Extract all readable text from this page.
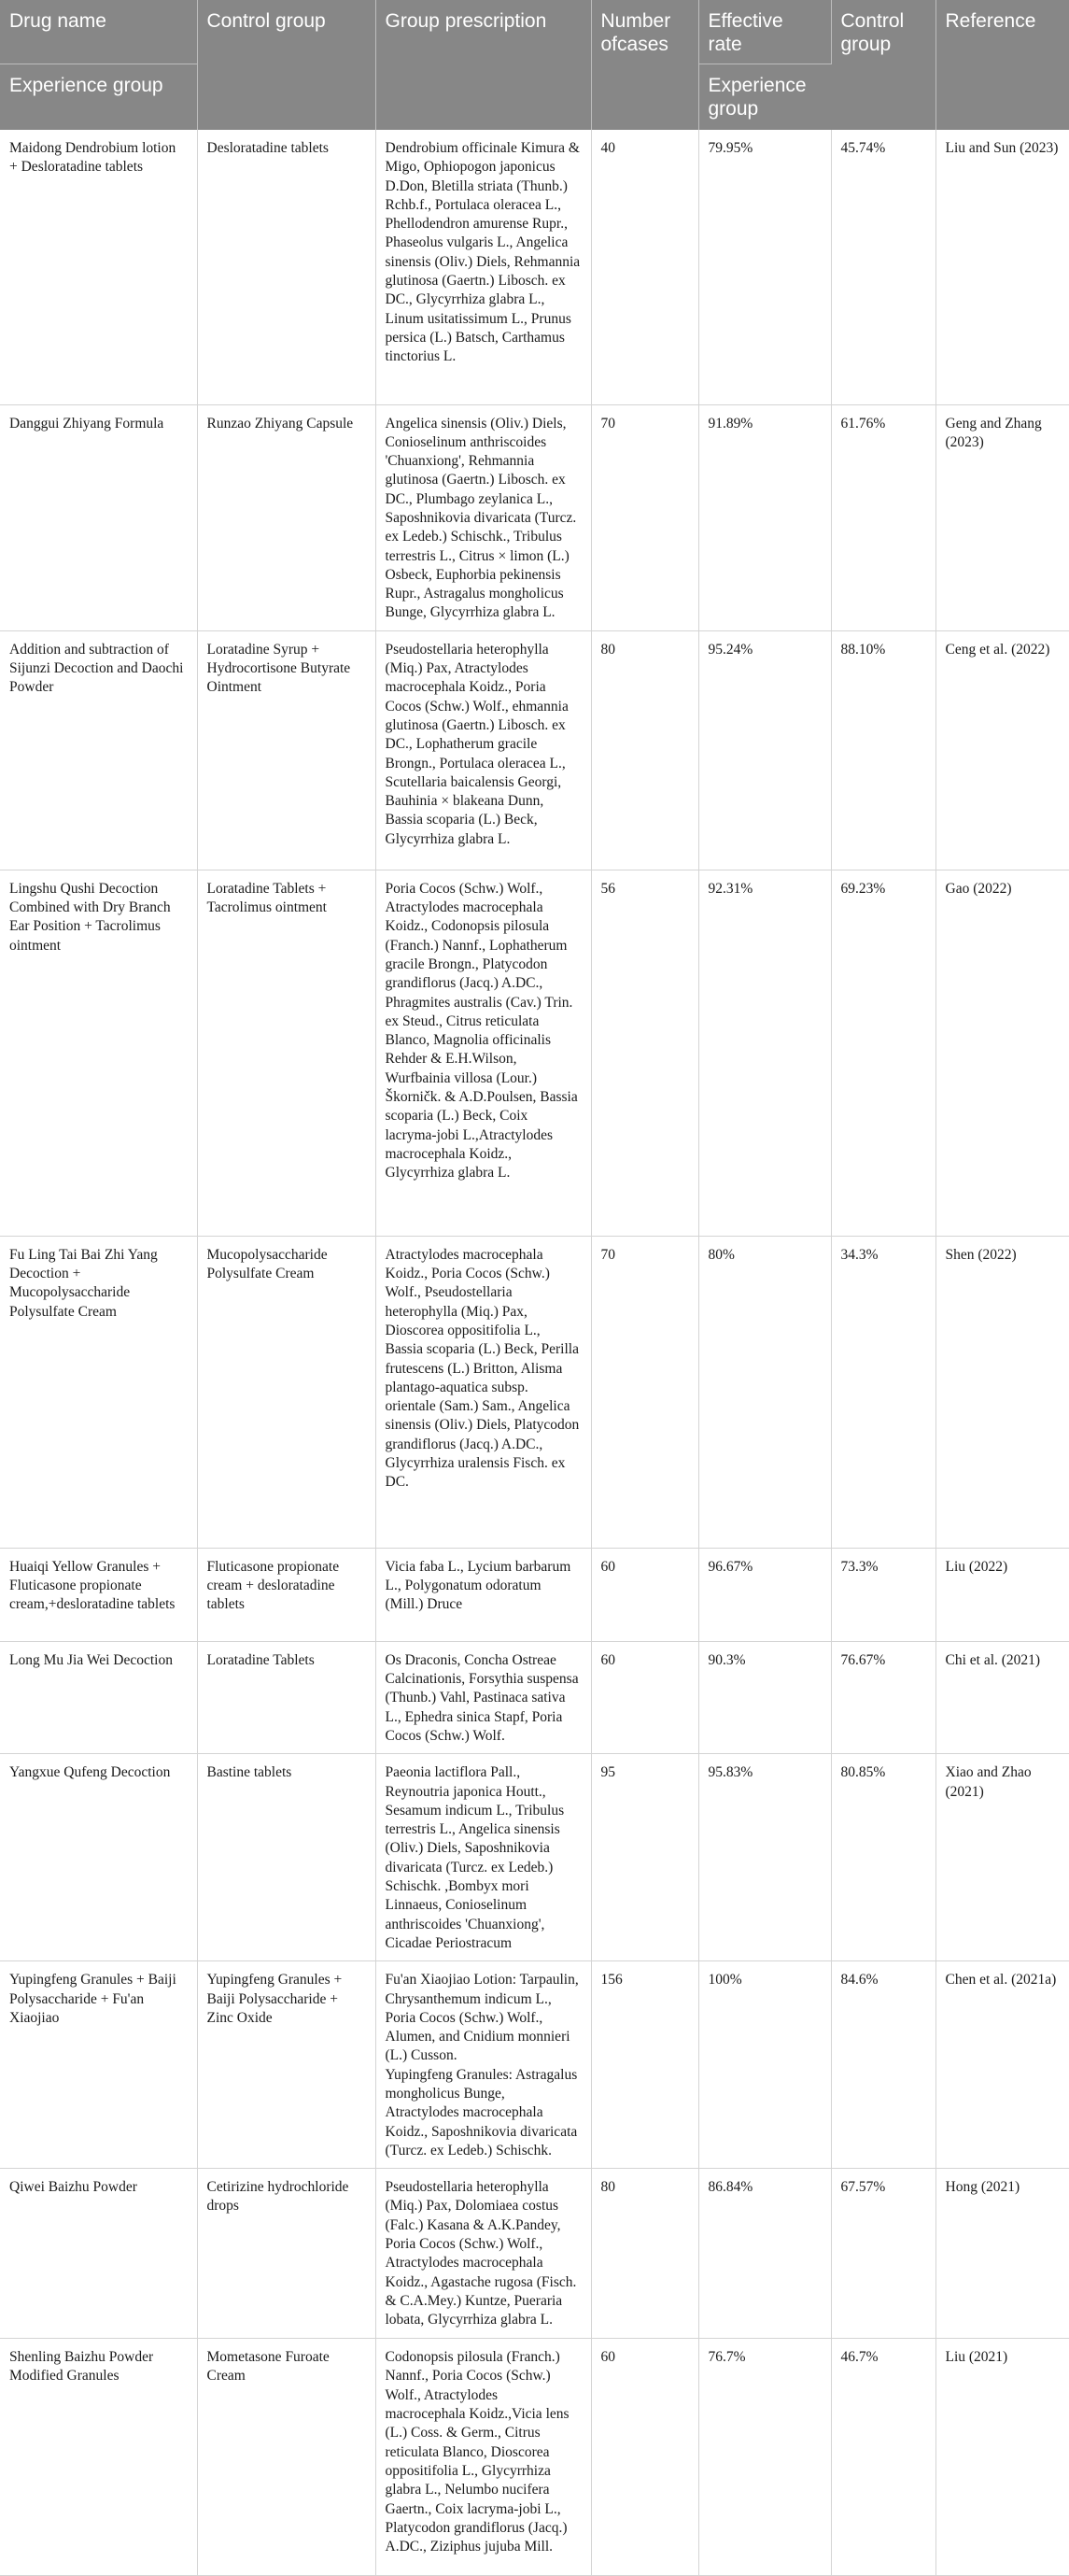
Drug name	Control group	Group prescription	Number ofcases	Effective rate	Control group	Reference
Experience group				Experience group		
Maidong Dendrobium lotion + Desloratadine tablets	Desloratadine tablets	Dendrobium officinale Kimura & Migo, Ophiopogon japonicus D.Don, Bletilla striata (Thunb.) Rchb.f., Portulaca oleracea L., Phellodendron amurense Rupr., Phaseolus vulgaris L., Angelica sinensis (Oliv.) Diels, Rehmannia glutinosa (Gaertn.) Libosch. ex DC., Glycyrrhiza glabra L., Linum usitatissimum L., Prunus persica (L.) Batsch, Carthamus tinctorius L.	40	79.95%	45.74%	Liu and Sun (2023)
Danggui Zhiyang Formula	Runzao Zhiyang Capsule	Angelica sinensis (Oliv.) Diels, Conioselinum anthriscoides 'Chuanxiong', Rehmannia glutinosa (Gaertn.) Libosch. ex DC., Plumbago zeylanica L., Saposhnikovia divaricata (Turcz. ex Ledeb.) Schischk., Tribulus terrestris L., Citrus × limon (L.) Osbeck, Euphorbia pekinensis Rupr., Astragalus mongholicus Bunge, Glycyrrhiza glabra L.	70	91.89%	61.76%	Geng and Zhang (2023)
Addition and subtraction of Sijunzi Decoction and Daochi Powder	Loratadine Syrup + Hydrocortisone Butyrate Ointment	Pseudostellaria heterophylla (Miq.) Pax, Atractylodes macrocephala Koidz., Poria Cocos (Schw.) Wolf., ehmannia glutinosa (Gaertn.) Libosch. ex DC., Lophatherum gracile Brongn., Portulaca oleracea L., Scutellaria baicalensis Georgi, Bauhinia × blakeana Dunn, Bassia scoparia (L.) Beck, Glycyrrhiza glabra L.	80	95.24%	88.10%	Ceng et al. (2022)
Lingshu Qushi Decoction Combined with Dry Branch Ear Position + Tacrolimus ointment	Loratadine Tablets + Tacrolimus ointment	Poria Cocos (Schw.) Wolf., Atractylodes macrocephala Koidz., Codonopsis pilosula (Franch.) Nannf., Lophatherum gracile Brongn., Platycodon grandiflorus (Jacq.) A.DC., Phragmites australis (Cav.) Trin. ex Steud., Citrus reticulata Blanco, Magnolia officinalis Rehder & E.H.Wilson, Wurfbainia villosa (Lour.) Škorničk. & A.D.Poulsen, Bassia scoparia (L.) Beck, Coix lacryma-jobi L.,Atractylodes macrocephala Koidz., Glycyrrhiza glabra L.	56	92.31%	69.23%	Gao (2022)
Fu Ling Tai Bai Zhi Yang Decoction + Mucopolysaccharide Polysulfate Cream	Mucopolysaccharide Polysulfate Cream	Atractylodes macrocephala Koidz., Poria Cocos (Schw.) Wolf., Pseudostellaria heterophylla (Miq.) Pax, Dioscorea oppositifolia L., Bassia scoparia (L.) Beck, Perilla frutescens (L.) Britton, Alisma plantago-aquatica subsp. orientale (Sam.) Sam., Angelica sinensis (Oliv.) Diels, Platycodon grandiflorus (Jacq.) A.DC., Glycyrrhiza uralensis Fisch. ex DC.	70	80%	34.3%	Shen (2022)
Huaiqi Yellow Granules + Fluticasone propionate cream,+desloratadine tablets	Fluticasone propionate cream + desloratadine tablets	Vicia faba L., Lycium barbarum L., Polygonatum odoratum (Mill.) Druce	60	96.67%	73.3%	Liu (2022)
Long Mu Jia Wei Decoction	Loratadine Tablets	Os Draconis, Concha Ostreae Calcinationis, Forsythia suspensa (Thunb.) Vahl, Pastinaca sativa L., Ephedra sinica Stapf, Poria Cocos (Schw.) Wolf.	60	90.3%	76.67%	Chi et al. (2021)
Yangxue Qufeng Decoction	Bastine tablets	Paeonia lactiflora Pall., Reynoutria japonica Houtt., Sesamum indicum L., Tribulus terrestris L., Angelica sinensis (Oliv.) Diels, Saposhnikovia divaricata (Turcz. ex Ledeb.) Schischk. ,Bombyx mori Linnaeus, Conioselinum anthriscoides 'Chuanxiong', Cicadae Periostracum	95	95.83%	80.85%	Xiao and Zhao (2021)
Yupingfeng Granules + Baiji Polysaccharide + Fu'an Xiaojiao	Yupingfeng Granules + Baiji Polysaccharide + Zinc Oxide	Fu'an Xiaojiao Lotion: Tarpaulin, Chrysanthemum indicum L., Poria Cocos (Schw.) Wolf., Alumen, and Cnidium monnieri (L.) Cusson.
Yupingfeng Granules: Astragalus mongholicus Bunge, Atractylodes macrocephala Koidz., Saposhnikovia divaricata (Turcz. ex Ledeb.) Schischk.	156	100%	84.6%	Chen et al. (2021a)
Qiwei Baizhu Powder	Cetirizine hydrochloride drops	Pseudostellaria heterophylla (Miq.) Pax, Dolomiaea costus (Falc.) Kasana & A.K.Pandey, Poria Cocos (Schw.) Wolf., Atractylodes macrocephala Koidz., Agastache rugosa (Fisch. & C.A.Mey.) Kuntze, Pueraria lobata, Glycyrrhiza glabra L.	80	86.84%	67.57%	Hong (2021)
Shenling Baizhu Powder Modified Granules	Mometasone Furoate Cream	Codonopsis pilosula (Franch.) Nannf., Poria Cocos (Schw.) Wolf., Atractylodes macrocephala Koidz.,Vicia lens (L.) Coss. & Germ., Citrus reticulata Blanco, Dioscorea oppositifolia L., Glycyrrhiza glabra L., Nelumbo nucifera Gaertn., Coix lacryma-jobi L., Platycodon grandiflorus (Jacq.) A.DC., Ziziphus jujuba Mill.	60	76.7%	46.7%	Liu (2021)
